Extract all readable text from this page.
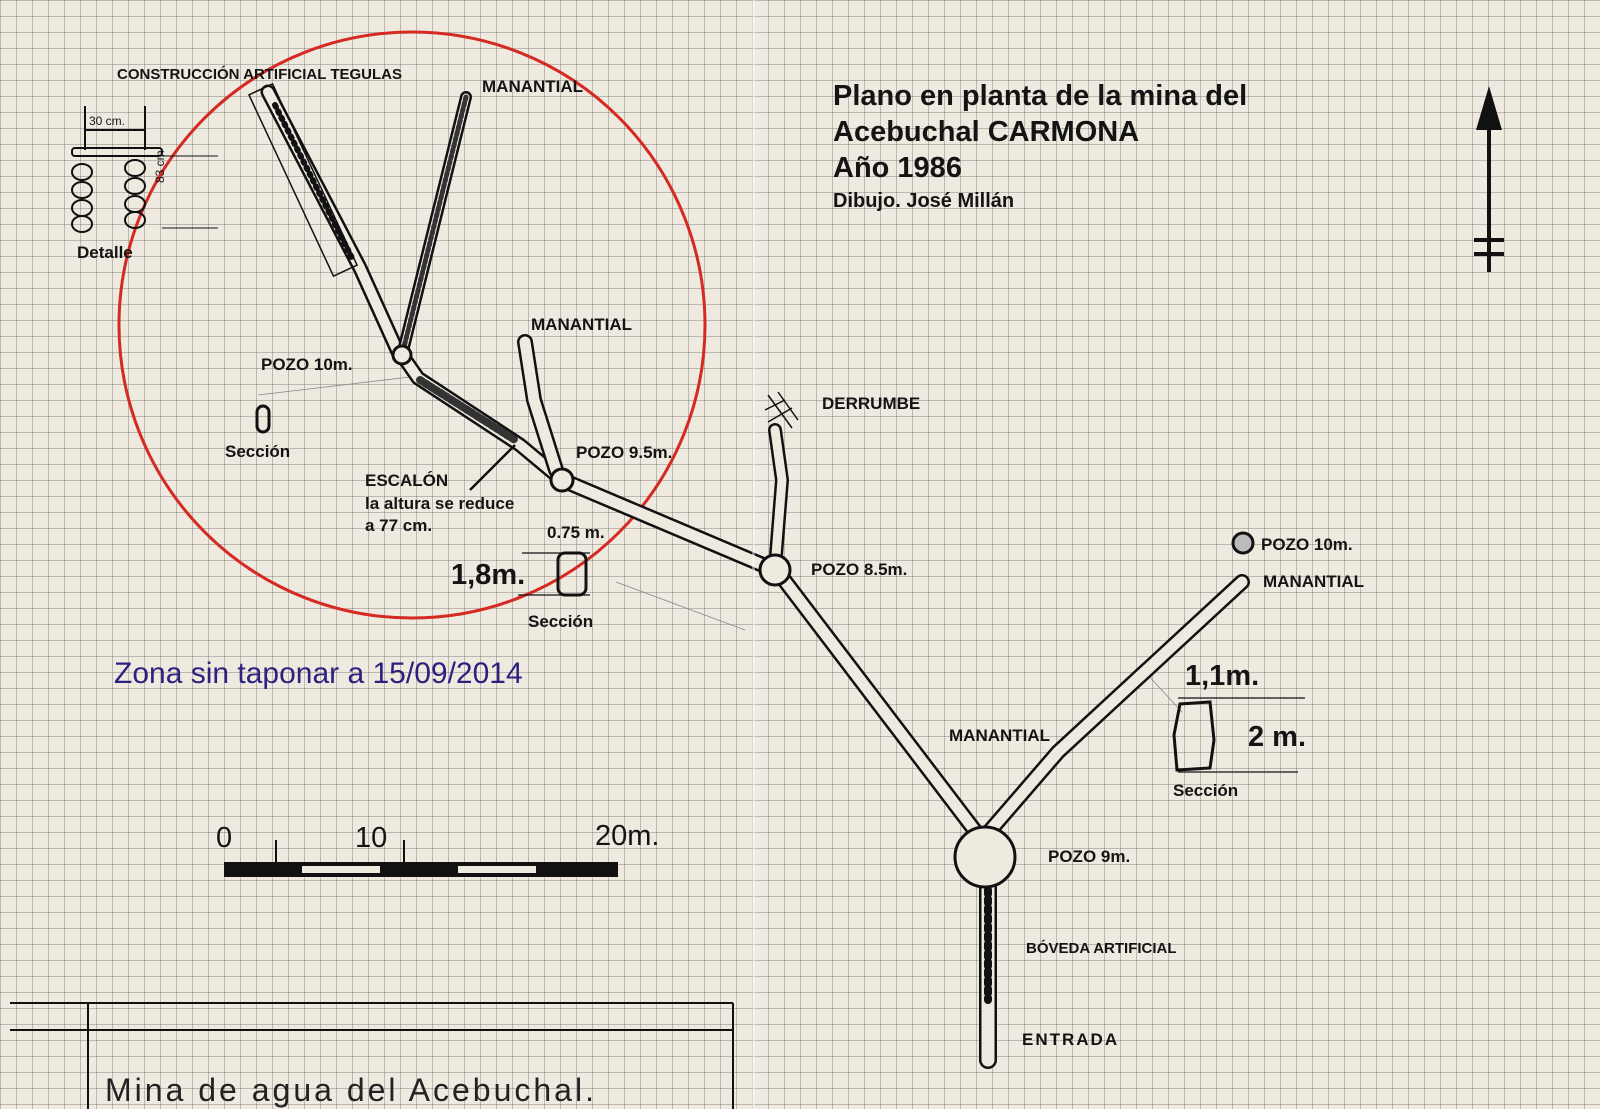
Plano en planta de la mina del
Acebuchal CARMONA
Año 1986
Dibujo. José Millán
CONSTRUCCIÓN ARTIFICIAL TEGULAS
MANANTIAL
MANANTIAL
POZO 10m.
Sección
ESCALÓN
la altura se reduce
a 77 cm.
POZO 9.5m.
DERRUMBE
0.75 m.
1,8m.
Sección
POZO 8.5m.
POZO 10m.
MANANTIAL
1,1m.
2 m.
MANANTIAL
Sección
POZO 9m.
BÓVEDA ARTIFICIAL
ENTRADA
Detalle
30 cm.
83 cm
Zona sin taponar a 15/09/2014
0	10	20m.
Mina de agua del Acebuchal.
